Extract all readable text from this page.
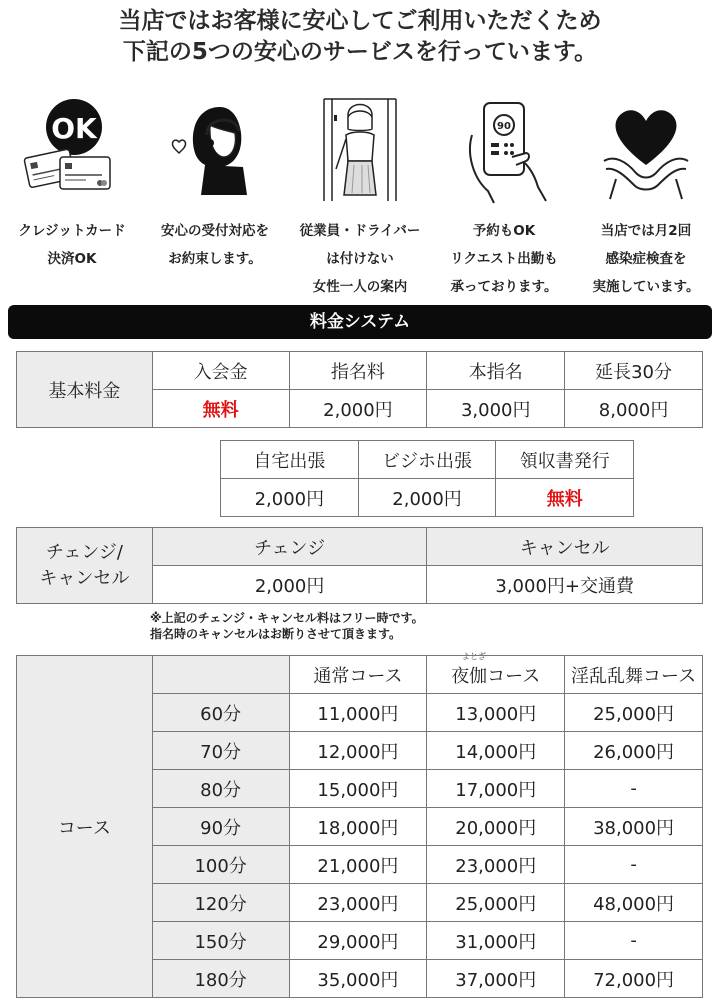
当店ではお客様に安心してご利用いただくため
下記の5つの安心のサービスを行っています。
OK
クレジットカード
決済OK
安心の受付対応を
お約束します。
従業員・ドライバー
は付けない
女性一人の案内
90
予約もOK
リクエスト出勤も
承っております。
当店では月2回
感染症検査を
実施しています。
料金システム
基本料金	入会金	指名料	本指名	延長30分
	無料	2,000円	3,000円	8,000円
自宅出張	ビジホ出張	領収書発行
2,000円	2,000円	無料
チェンジ/
キャンセル	チェンジ	キャンセル
	2,000円	3,000円+交通費
※上記のチェンジ・キャンセル料はフリー時です。
指名時のキャンセルはお断りさせて頂きます。
よとぎ
コース		通常コース	夜伽コース	淫乱乱舞コース
	60分	11,000円	13,000円	25,000円
	70分	12,000円	14,000円	26,000円
	80分	15,000円	17,000円	-
	90分	18,000円	20,000円	38,000円
	100分	21,000円	23,000円	-
	120分	23,000円	25,000円	48,000円
	150分	29,000円	31,000円	-
	180分	35,000円	37,000円	72,000円
